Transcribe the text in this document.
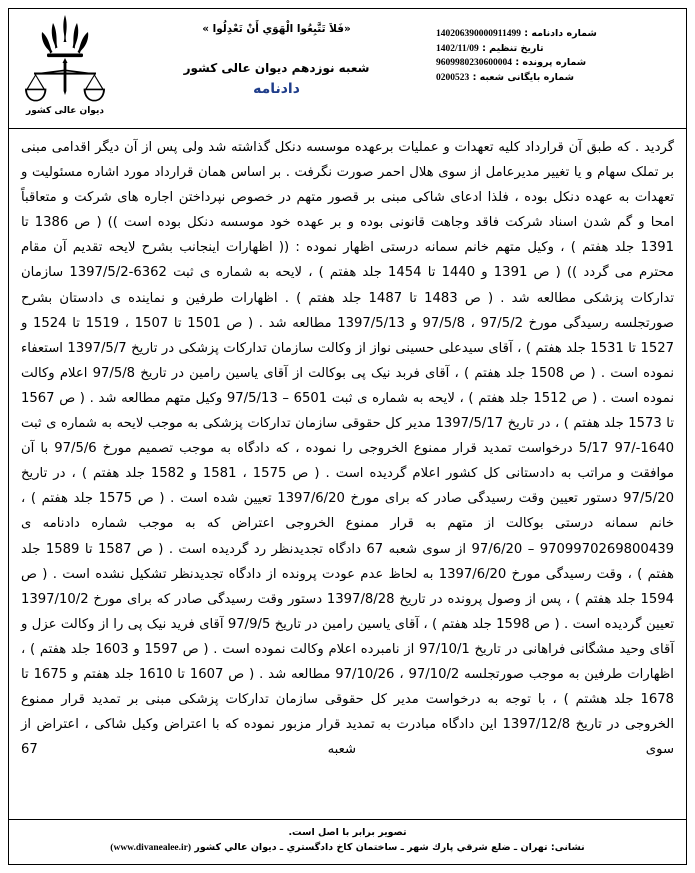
دیوان عالی کشور
«فَلاَ تَتَّبِعُوا الْهَوَي أَنْ تَعْدِلُوا »
شعبه نوزدهم دیوان عالی کشور
دادنامه
شماره دادنامه : 140206390000911499
تاریخ تنظیم : 1402/11/09
شماره پرونده : 9609980230600004
شماره بایگانی شعبه : 0200523

گردید . که طبق آن قرارداد کلیه تعهدات و عملیات برعهده موسسه دنکل گذاشته شد ولی پس از آن دیگر اقدامی مبنی بر تملک سهام و یا تغییر مدیرعامل از سوی هلال احمر صورت نگرفت . بر اساس همان قرارداد مورد اشاره مسئولیت و تعهدات به عهده دنکل بوده ، فلذا ادعای شاکی مبنی بر قصور متهم در خصوص نپرداختن اجاره های شرکت و متعاقباً امحا و گم شدن اسناد شرکت فاقد وجاهت قانونی بوده و بر عهده خود موسسه دنکل بوده است )) ( ص 1386 تا 1391 جلد هفتم ) ، وکیل متهم خانم سمانه درستی اظهار نموده : (( اظهارات اینجانب بشرح لایحه تقدیم آن مقام محترم می گردد )) ( ص 1391 و 1440 تا 1454 جلد هفتم ) ، لایحه به شماره ی ثبت 6362-1397/5/2 سازمان تدارکات پزشکی مطالعه شد . ( ص 1483 تا 1487 جلد هفتم ) . اظهارات طرفین و نماینده ی دادستان بشرح صورتجلسه رسیدگی مورخ 97/5/2 ، 97/5/8 و 1397/5/13 مطالعه شد . ( ص 1501 تا 1507 ، 1519 تا 1524 و 1527 تا 1531 جلد هفتم ) ، آقای سیدعلی حسینی نواز از وکالت سازمان تدارکات پزشکی در تاریخ 1397/5/7 استعفاء نموده است . ( ص 1508 جلد هفتم ) ، آقای فربد نیک پی بوکالت از آقای یاسین رامین در تاریخ 97/5/8 اعلام وکالت نموده است . ( ص 1512 جلد هفتم ) ، لایحه به شماره ی ثبت 6501 – 97/5/13 وکیل متهم مطالعه شد . ( ص 1567 تا 1573 جلد هفتم ) ، در تاریخ 1397/5/17 مدیر کل حقوقی سازمان تدارکات پزشکی به موجب لایحه به شماره ی ثبت 1640-/97 5/17 درخواست تمدید قرار ممنوع الخروجی را نموده ، که دادگاه به موجب تصمیم مورخ 97/5/6 با آن موافقت و مراتب به دادستانی کل کشور اعلام گردیده است . ( ص 1575 ، 1581 و 1582 جلد هفتم ) ، در تاریخ 97/5/20 دستور تعیین وقت رسیدگی صادر که برای مورخ 1397/6/20 تعیین شده است . ( ص 1575 جلد هفتم ) ، خانم سمانه درستی بوکالت از متهم به قرار ممنوع الخروجی اعتراض که به موجب شماره دادنامه ی 9709970269800439 – 97/6/20 از سوی شعبه 67 دادگاه تجدیدنظر رد گردیده است . ( ص 1587 تا 1589 جلد هفتم ) ، وقت رسیدگی مورخ 1397/6/20 به لحاظ عدم عودت پرونده از دادگاه تجدیدنظر تشکیل نشده است . ( ص 1594 جلد هفتم ) ، پس از وصول پرونده در تاریخ 1397/8/28 دستور وقت رسیدگی صادر که برای مورخ 1397/10/2 تعیین گردیده است . ( ص 1598 جلد هفتم ) ، آقای یاسین رامین در تاریخ 97/9/5 آقای فرید نیک پی را از وکالت عزل و آقای وحید مشگانی فراهانی در تاریخ 97/10/1 از نامبرده اعلام وکالت نموده است . ( ص 1597 و 1603 جلد هفتم ) ، اظهارات طرفین به موجب صورتجلسه 97/10/2 ، 97/10/26 مطالعه شد . ( ص 1607 تا 1610 جلد هفتم و 1675 تا 1678 جلد هشتم ) ، با توجه به درخواست مدیر کل حقوقی سازمان تدارکات پزشکی مبنی بر تمدید قرار ممنوع الخروجی در تاریخ 1397/12/8 این دادگاه مبادرت به تمدید قرار مزبور نموده که با اعتراض وکیل شاکی ، اعتراض از سوی شعبه 67

تصویر برابر با اصل است.
نشانی: تهران ـ ضلع شرقي پارك شهر ـ ساختمان كاخ دادگستري ـ دیوان عالي كشور (www.divanealee.ir)
